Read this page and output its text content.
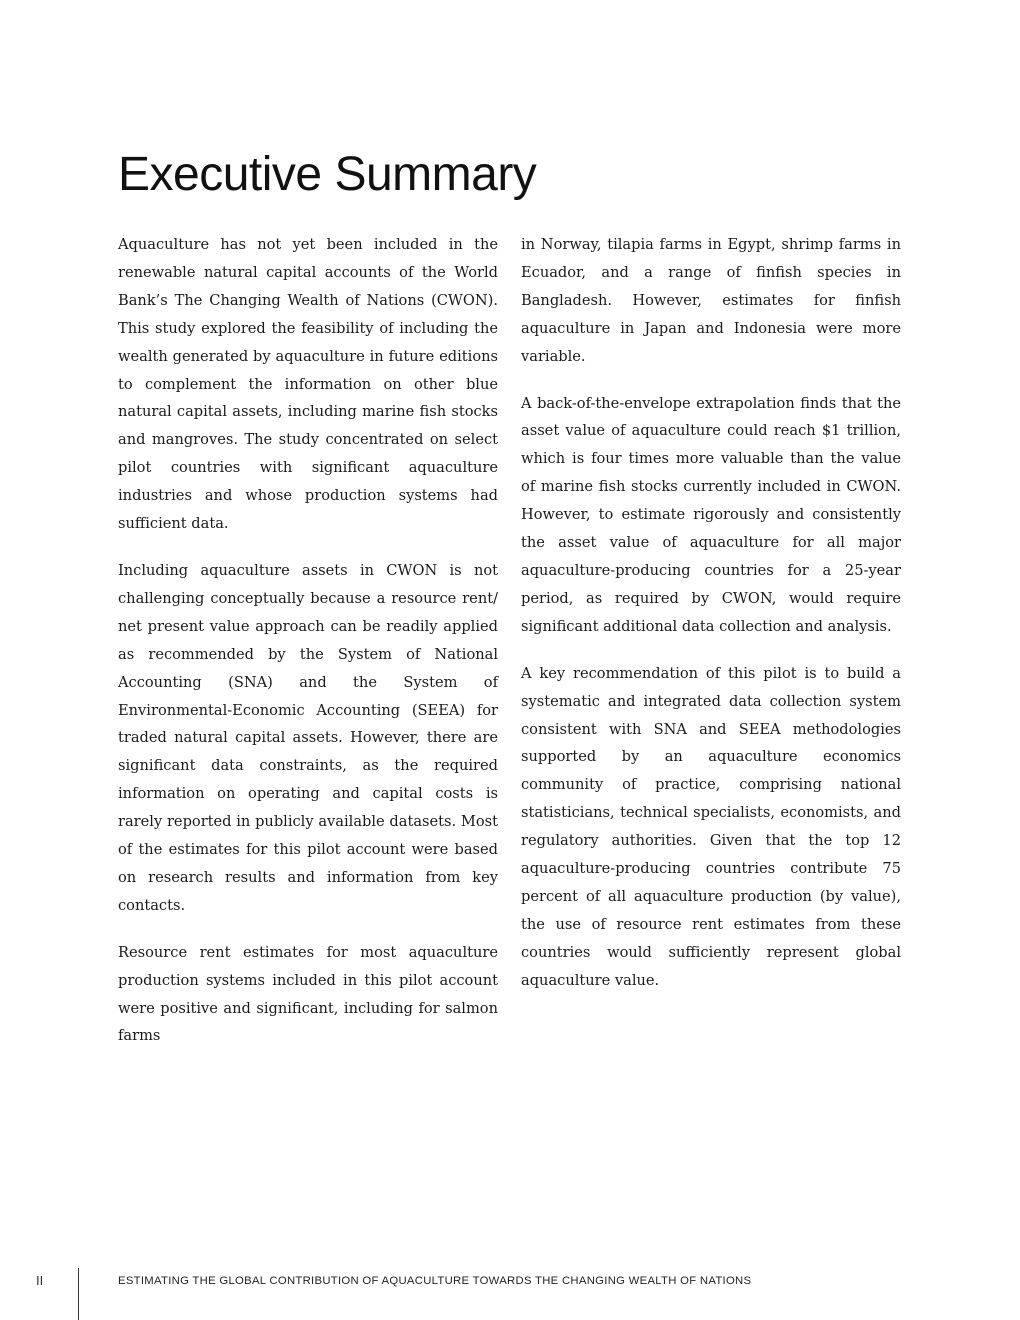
Executive Summary

Aquaculture has not yet been included in the renewable natural capital accounts of the World Bank’s The Changing Wealth of Nations (CWON). This study explored the feasibility of including the wealth generated by aquaculture in future editions to complement the information on other blue natural capital assets, including marine fish stocks and mangroves. The study concentrated on select pilot countries with significant aquaculture industries and whose production systems had sufficient data.

Including aquaculture assets in CWON is not challenging conceptually because a resource rent/ net present value approach can be readily applied as recommended by the System of National Accounting (SNA) and the System of Environmental-Economic Accounting (SEEA) for traded natural capital assets. However, there are significant data constraints, as the required information on operating and capital costs is rarely reported in publicly available datasets. Most of the estimates for this pilot account were based on research results and information from key contacts.

Resource rent estimates for most aquaculture production systems included in this pilot account were positive and significant, including for salmon farms

in Norway, tilapia farms in Egypt, shrimp farms in Ecuador, and a range of finfish species in Bangladesh. However, estimates for finfish aquaculture in Japan and Indonesia were more variable.

A back-of-the-envelope extrapolation finds that the asset value of aquaculture could reach $1 trillion, which is four times more valuable than the value of marine fish stocks currently included in CWON. However, to estimate rigorously and consistently the asset value of aquaculture for all major aquaculture-producing countries for a 25-year period, as required by CWON, would require significant additional data collection and analysis.

A key recommendation of this pilot is to build a systematic and integrated data collection system consistent with SNA and SEEA methodologies supported by an aquaculture economics community of practice, comprising national statisticians, technical specialists, economists, and regulatory authorities. Given that the top 12 aquaculture-producing countries contribute 75 percent of all aquaculture production (by value), the use of resource rent estimates from these countries would sufficiently represent global aquaculture value.

II	ESTIMATING THE GLOBAL CONTRIBUTION OF AQUACULTURE TOWARDS THE CHANGING WEALTH OF NATIONS
